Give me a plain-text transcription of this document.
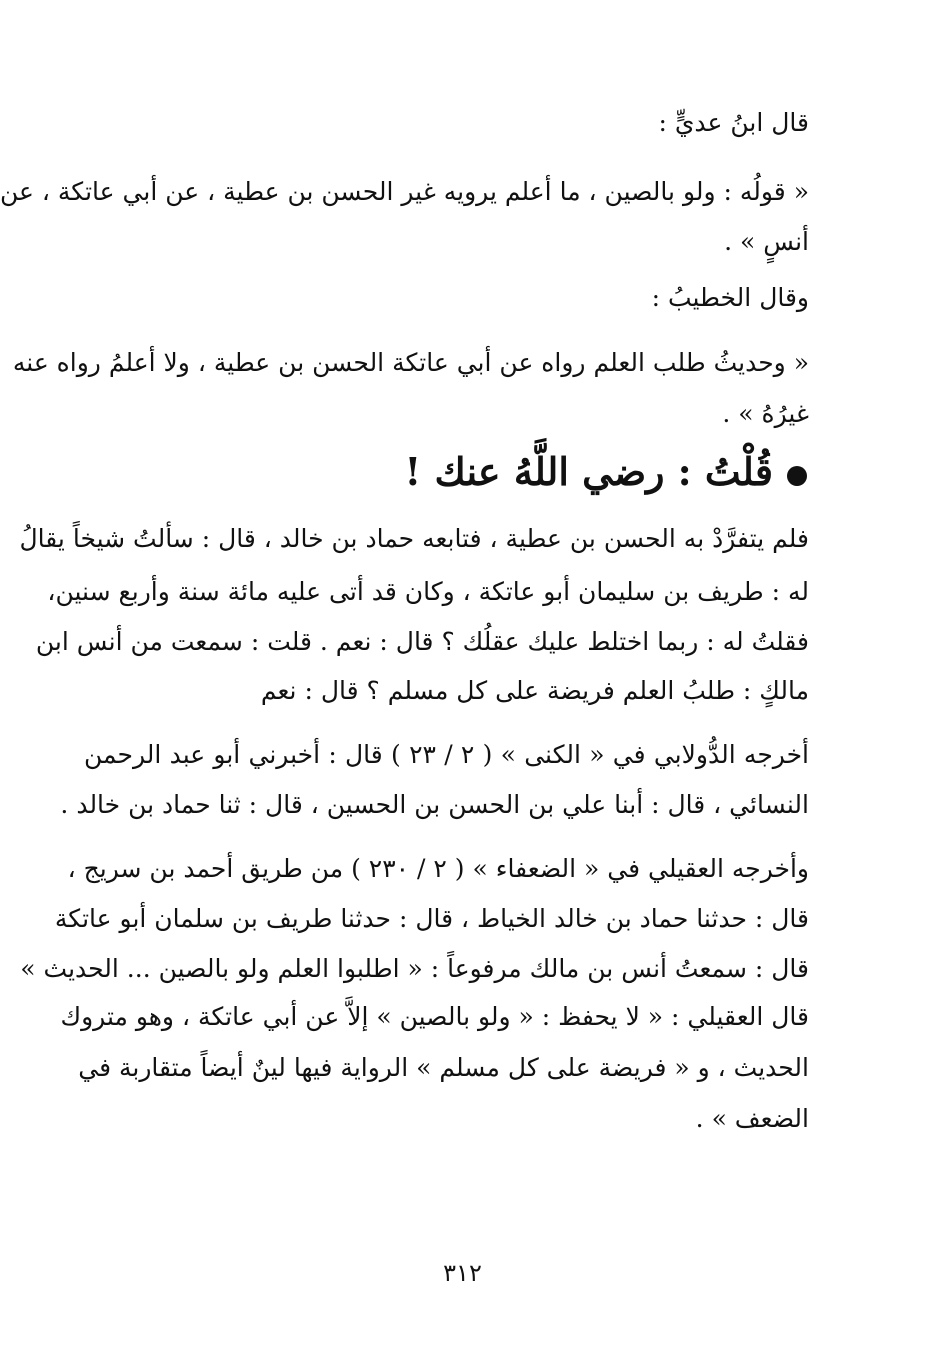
قال ابنُ عديٍّ :
« قولُه : ولو بالصين ، ما أعلم يرويه غير الحسن بن عطية ، عن أبي عاتكة ، عن
أنسٍ » .
وقال الخطيبُ :
« وحديثُ طلب العلم رواه عن أبي عاتكة الحسن بن عطية ، ولا أعلمُ رواه عنه
غيرُهُ » .
قُلْتُ : رضي اللَّهُ عنك !
فلم يتفرَّدْ به الحسن بن عطية ، فتابعه حماد بن خالد ، قال : سألتُ شيخاً يقالُ
له : طريف بن سليمان أبو عاتكة ، وكان قد أتى عليه مائة سنة وأربع سنين،
فقلتُ له : ربما اختلط عليك عقلُك ؟ قال : نعم . قلت : سمعت من أنس ابن
مالكٍ : طلبُ العلم فريضة على كل مسلم ؟ قال : نعم
أخرجه الدُّولابي في « الكنى » ( ٢ / ٢٣ ) قال : أخبرني أبو عبد الرحمن
النسائي ، قال : أبنا علي بن الحسن بن الحسين ، قال : ثنا حماد بن خالد .
وأخرجه العقيلي في « الضعفاء » ( ٢ / ٢٣٠ ) من طريق أحمد بن سريج ،
قال : حدثنا حماد بن خالد الخياط ، قال : حدثنا طريف بن سلمان أبو عاتكة
قال : سمعتُ أنس بن مالك مرفوعاً : « اطلبوا العلم ولو بالصين ... الحديث »
قال العقيلي : « لا يحفظ : « ولو بالصين » إلاَّ عن أبي عاتكة ، وهو متروك
الحديث ، و « فريضة على كل مسلم » الرواية فيها لينٌ أيضاً متقاربة في
الضعف » .
٣١٢
